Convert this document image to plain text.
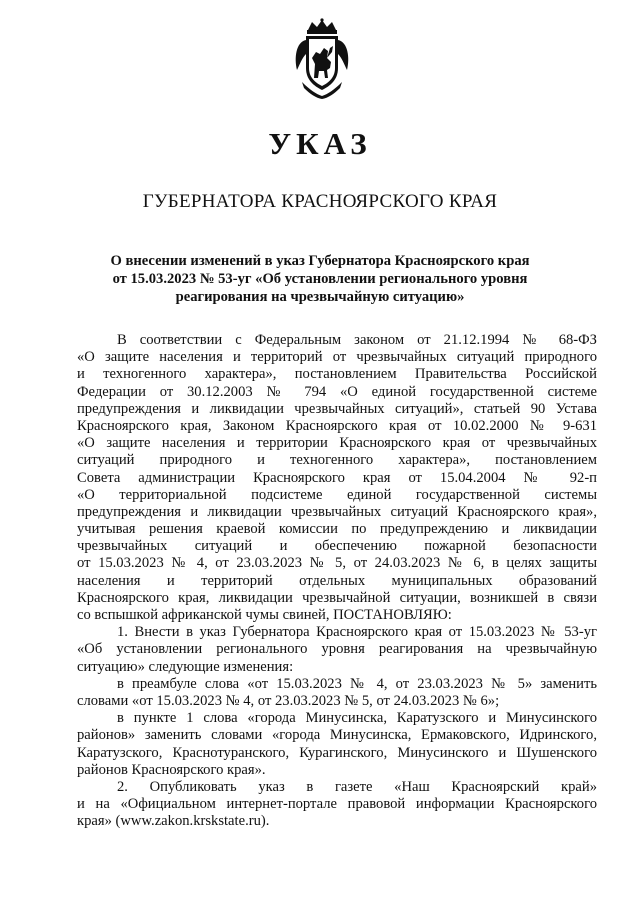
УКАЗ
ГУБЕРНАТОРА КРАСНОЯРСКОГО КРАЯ
О внесении изменений в указ Губернатора Красноярского края
от 15.03.2023 № 53-уг «Об установлении регионального уровня
реагирования на чрезвычайную ситуацию»
В соответствии с Федеральным законом от 21.12.1994 № 68-ФЗ
«О защите населения и территорий от чрезвычайных ситуаций природного
и техногенного характера», постановлением Правительства Российской
Федерации от 30.12.2003 № 794 «О единой государственной системе
предупреждения и ликвидации чрезвычайных ситуаций», статьей 90 Устава
Красноярского края, Законом Красноярского края от 10.02.2000 № 9-631
«О защите населения и территории Красноярского края от чрезвычайных
ситуаций природного и техногенного характера», постановлением
Совета администрации Красноярского края от 15.04.2004 № 92-п
«О территориальной подсистеме единой государственной системы
предупреждения и ликвидации чрезвычайных ситуаций Красноярского края»,
учитывая решения краевой комиссии по предупреждению и ликвидации
чрезвычайных ситуаций и обеспечению пожарной безопасности
от 15.03.2023 № 4, от 23.03.2023 № 5, от 24.03.2023 № 6, в целях защиты
населения и территорий отдельных муниципальных образований
Красноярского края, ликвидации чрезвычайной ситуации, возникшей в связи
со вспышкой африканской чумы свиней, ПОСТАНОВЛЯЮ:
1. Внести в указ Губернатора Красноярского края от 15.03.2023 № 53-уг
«Об установлении регионального уровня реагирования на чрезвычайную
ситуацию» следующие изменения:
в преамбуле слова «от 15.03.2023 № 4, от 23.03.2023 № 5» заменить
словами «от 15.03.2023 № 4, от 23.03.2023 № 5, от 24.03.2023 № 6»;
в пункте 1 слова «города Минусинска, Каратузского и Минусинского
районов» заменить словами «города Минусинска, Ермаковского, Идринского,
Каратузского, Краснотуранского, Курагинского, Минусинского и Шушенского
районов Красноярского края».
2. Опубликовать указ в газете «Наш Красноярский край»
и на «Официальном интернет-портале правовой информации Красноярского
края» (www.zakon.krskstate.ru).
